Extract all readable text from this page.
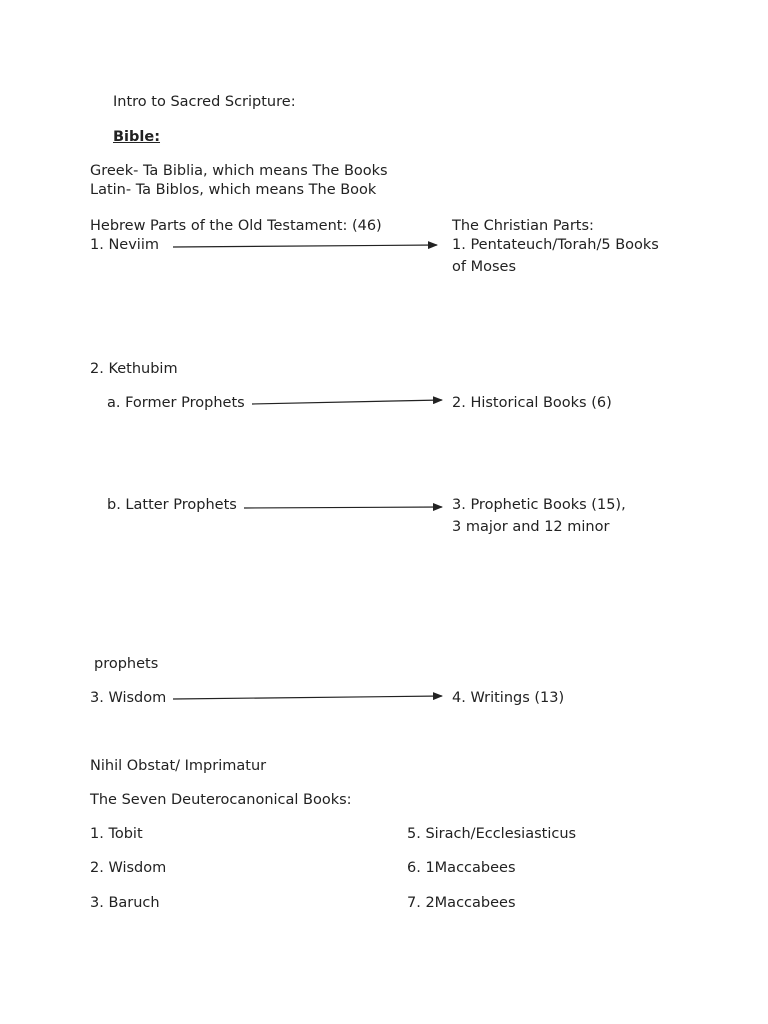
Intro to Sacred Scripture:
Bible:
Greek- Ta Biblia, which means The Books
Latin- Ta Biblos, which means The Book
Hebrew Parts of the Old Testament: (46)
1. Neviim
2. Kethubim
a. Former Prophets
b. Latter Prophets
prophets
3. Wisdom
The Christian Parts:
1. Pentateuch/Torah/5 Books
of Moses
2. Historical Books (6)
3. Prophetic Books (15),
3 major and 12 minor
4. Writings (13)
Nihil Obstat/ Imprimatur
The Seven Deuterocanonical Books:
1. Tobit
2. Wisdom
3. Baruch
5. Sirach/Ecclesiasticus
6. 1Maccabees
7. 2Maccabees
